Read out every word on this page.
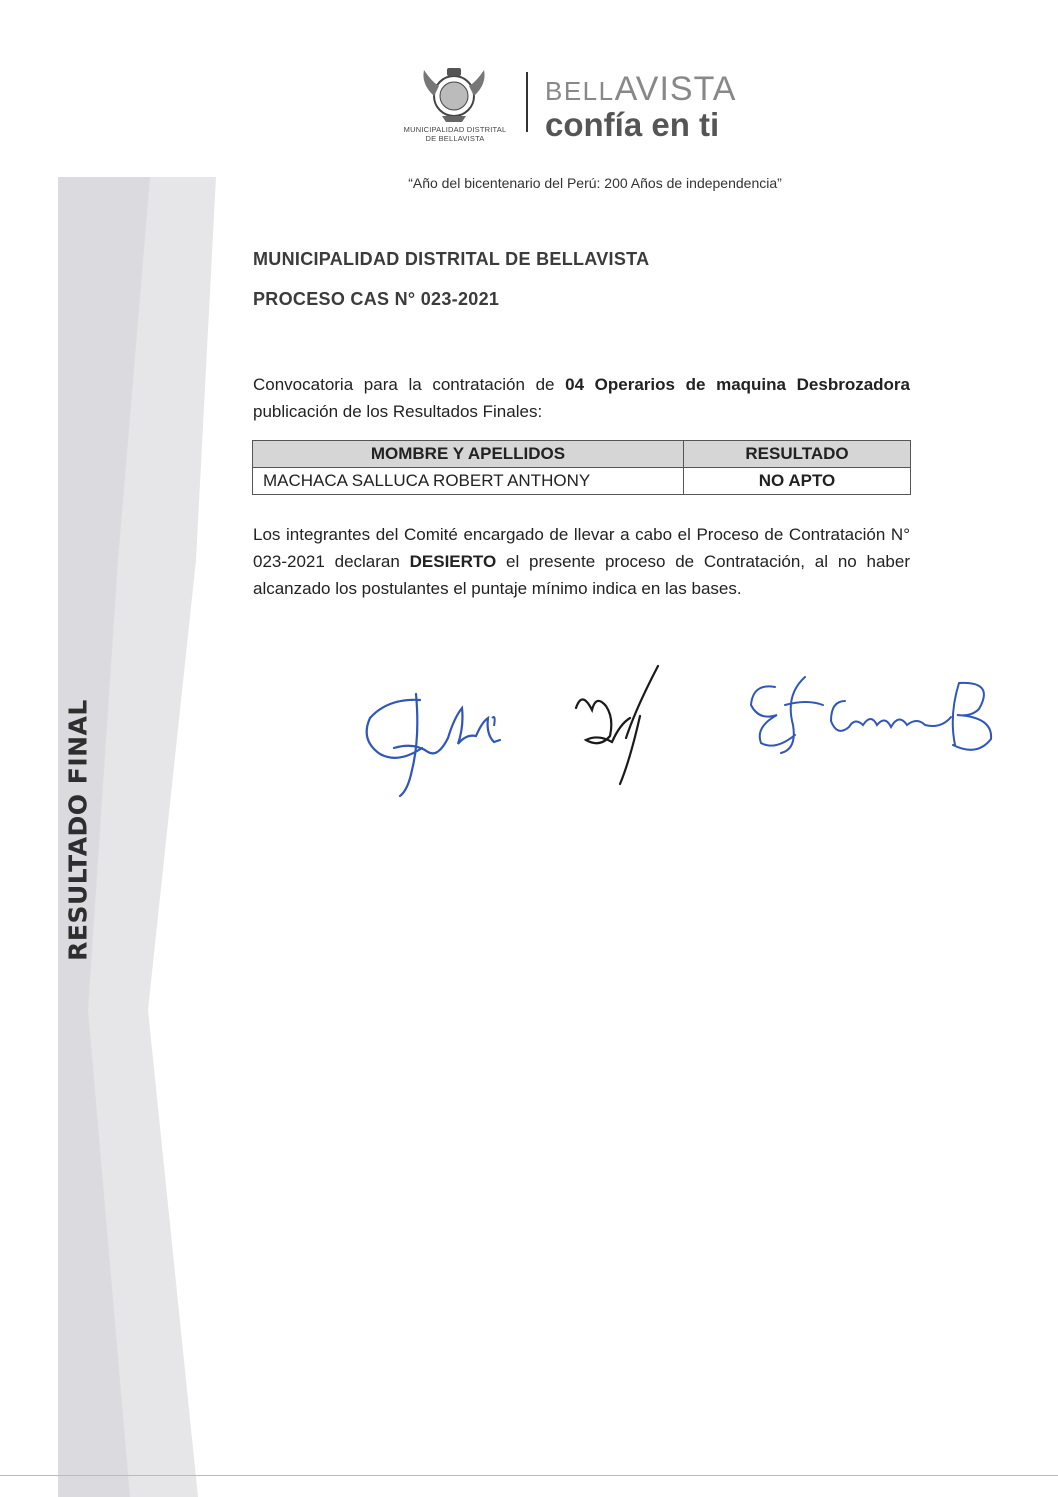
RESULTADO FINAL
MUNICIPALIDAD DISTRITAL
DE BELLAVISTA
BELLAVISTA
confía en ti
“Año del bicentenario del Perú: 200 Años de independencia”
MUNICIPALIDAD DISTRITAL DE BELLAVISTA
PROCESO CAS N° 023-2021
Convocatoria para la contratación de 04 Operarios de maquina Desbrozadora publicación de los Resultados Finales:
MOMBRE Y APELLIDOS	RESULTADO
MACHACA SALLUCA ROBERT ANTHONY	NO APTO
Los integrantes del Comité encargado de llevar a cabo el Proceso de Contratación N° 023-2021 declaran DESIERTO el presente proceso de Contratación, al no haber alcanzado los postulantes el puntaje mínimo indica en las bases.
